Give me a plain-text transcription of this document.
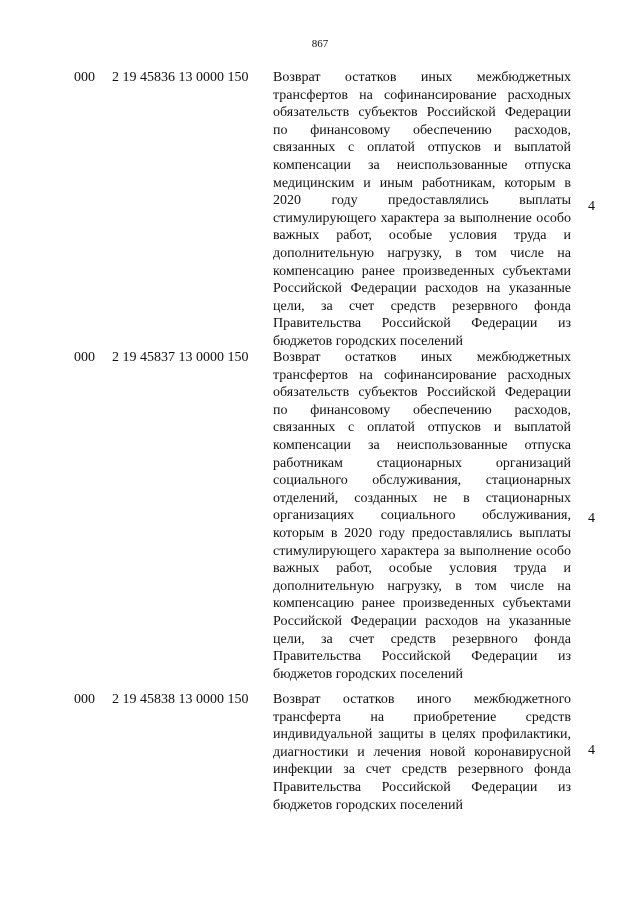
867
000 2 19 45836 13 0000 150 Возврат остатков иных межбюджетных трансфертов на софинансирование расходных обязательств субъектов Российской Федерации по финансовому обеспечению расходов, связанных с оплатой отпусков и выплатой компенсации за неиспользованные отпуска медицинским и иным работникам, которым в 2020 году предоставлялись выплаты стимулирующего характера за выполнение особо важных работ, особые условия труда и дополнительную нагрузку, в том числе на компенсацию ранее произведенных субъектами Российской Федерации расходов на указанные цели, за счет средств резервного фонда Правительства Российской Федерации из бюджетов городских поселений
4
000 2 19 45837 13 0000 150 Возврат остатков иных межбюджетных трансфертов на софинансирование расходных обязательств субъектов Российской Федерации по финансовому обеспечению расходов, связанных с оплатой отпусков и выплатой компенсации за неиспользованные отпуска работникам стационарных организаций социального обслуживания, стационарных отделений, созданных не в стационарных организациях социального обслуживания, которым в 2020 году предоставлялись выплаты стимулирующего характера за выполнение особо важных работ, особые условия труда и дополнительную нагрузку, в том числе на компенсацию ранее произведенных субъектами Российской Федерации расходов на указанные цели, за счет средств резервного фонда Правительства Российской Федерации из бюджетов городских поселений
4
000 2 19 45838 13 0000 150 Возврат остатков иного межбюджетного трансферта на приобретение средств индивидуальной защиты в целях профилактики, диагностики и лечения новой коронавирусной инфекции за счет средств резервного фонда Правительства Российской Федерации из бюджетов городских поселений
4
